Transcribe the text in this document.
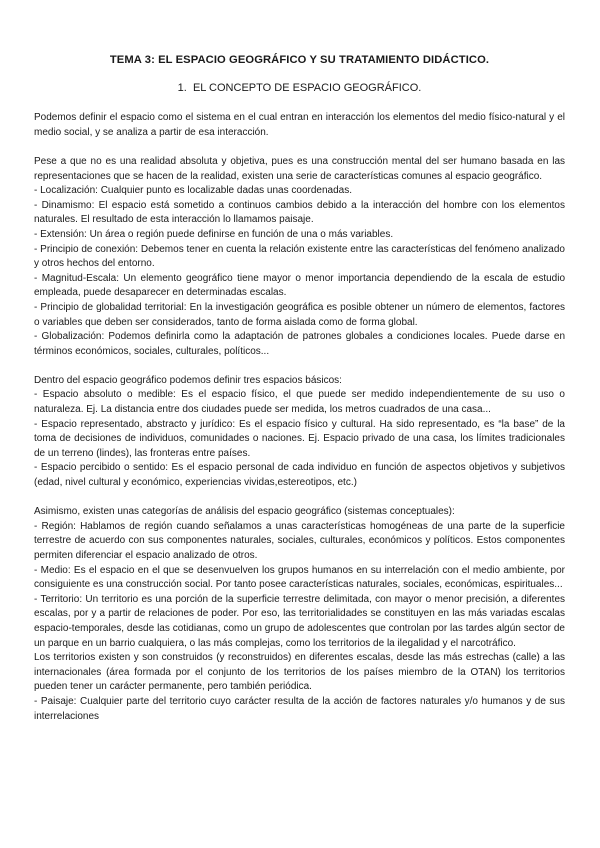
TEMA 3: EL ESPACIO GEOGRÁFICO Y SU TRATAMIENTO DIDÁCTICO.
1. EL CONCEPTO DE ESPACIO GEOGRÁFICO.

Podemos definir el espacio como el sistema en el cual entran en interacción los elementos del medio físico-natural y el medio social, y se analiza a partir de esa interacción.

Pese a que no es una realidad absoluta y objetiva, pues es una construcción mental del ser humano basada en las representaciones que se hacen de la realidad, existen una serie de características comunes al espacio geográfico.

- Localización: Cualquier punto es localizable dadas unas coordenadas.

- Dinamismo: El espacio está sometido a continuos cambios debido a la interacción del hombre con los elementos naturales. El resultado de esta interacción lo llamamos paisaje.

- Extensión: Un área o región puede definirse en función de una o más variables.

- Principio de conexión: Debemos tener en cuenta la relación existente entre las características del fenómeno analizado y otros hechos del entorno.

- Magnitud-Escala: Un elemento geográfico tiene mayor o menor importancia dependiendo de la escala de estudio empleada, puede desaparecer en determinadas escalas.

- Principio de globalidad territorial: En la investigación geográfica es posible obtener un número de elementos, factores o variables que deben ser considerados, tanto de forma aislada como de forma global.

- Globalización: Podemos definirla como la adaptación de patrones globales a condiciones locales. Puede darse en términos económicos, sociales, culturales, políticos...

Dentro del espacio geográfico podemos definir tres espacios básicos:

- Espacio absoluto o medible: Es el espacio físico, el que puede ser medido independientemente de su uso o naturaleza. Ej. La distancia entre dos ciudades puede ser medida, los metros cuadrados de una casa...

- Espacio representado, abstracto y jurídico: Es el espacio físico y cultural. Ha sido representado, es “la base” de la toma de decisiones de individuos, comunidades o naciones. Ej. Espacio privado de una casa, los límites tradicionales de un terreno (lindes), las fronteras entre países.

- Espacio percibido o sentido: Es el espacio personal de cada individuo en función de aspectos objetivos y subjetivos (edad, nivel cultural y económico, experiencias vividas,estereotipos, etc.)

Asimismo, existen unas categorías de análisis del espacio geográfico (sistemas conceptuales):

- Región: Hablamos de región cuando señalamos a unas características homogéneas de una parte de la superficie terrestre de acuerdo con sus componentes naturales, sociales, culturales, económicos y políticos. Estos componentes permiten diferenciar el espacio analizado de otros.

- Medio: Es el espacio en el que se desenvuelven los grupos humanos en su interrelación con el medio ambiente, por consiguiente es una construcción social. Por tanto posee características naturales, sociales, económicas, espirituales...

- Territorio: Un territorio es una porción de la superficie terrestre delimitada, con mayor o menor precisión, a diferentes escalas, por y a partir de relaciones de poder. Por eso, las territorialidades se constituyen en las más variadas escalas espacio-temporales, desde las cotidianas, como un grupo de adolescentes que controlan por las tardes algún sector de un parque en un barrio cualquiera, o las más complejas, como los territorios de la ilegalidad y el narcotráfico.

Los territorios existen y son construidos (y reconstruidos) en diferentes escalas, desde las más estrechas (calle) a las internacionales (área formada por el conjunto de los territorios de los países miembro de la OTAN) los territorios pueden tener un carácter permanente, pero también periódica.

- Paisaje: Cualquier parte del territorio cuyo carácter resulta de la acción de factores naturales y/o humanos y de sus interrelaciones
